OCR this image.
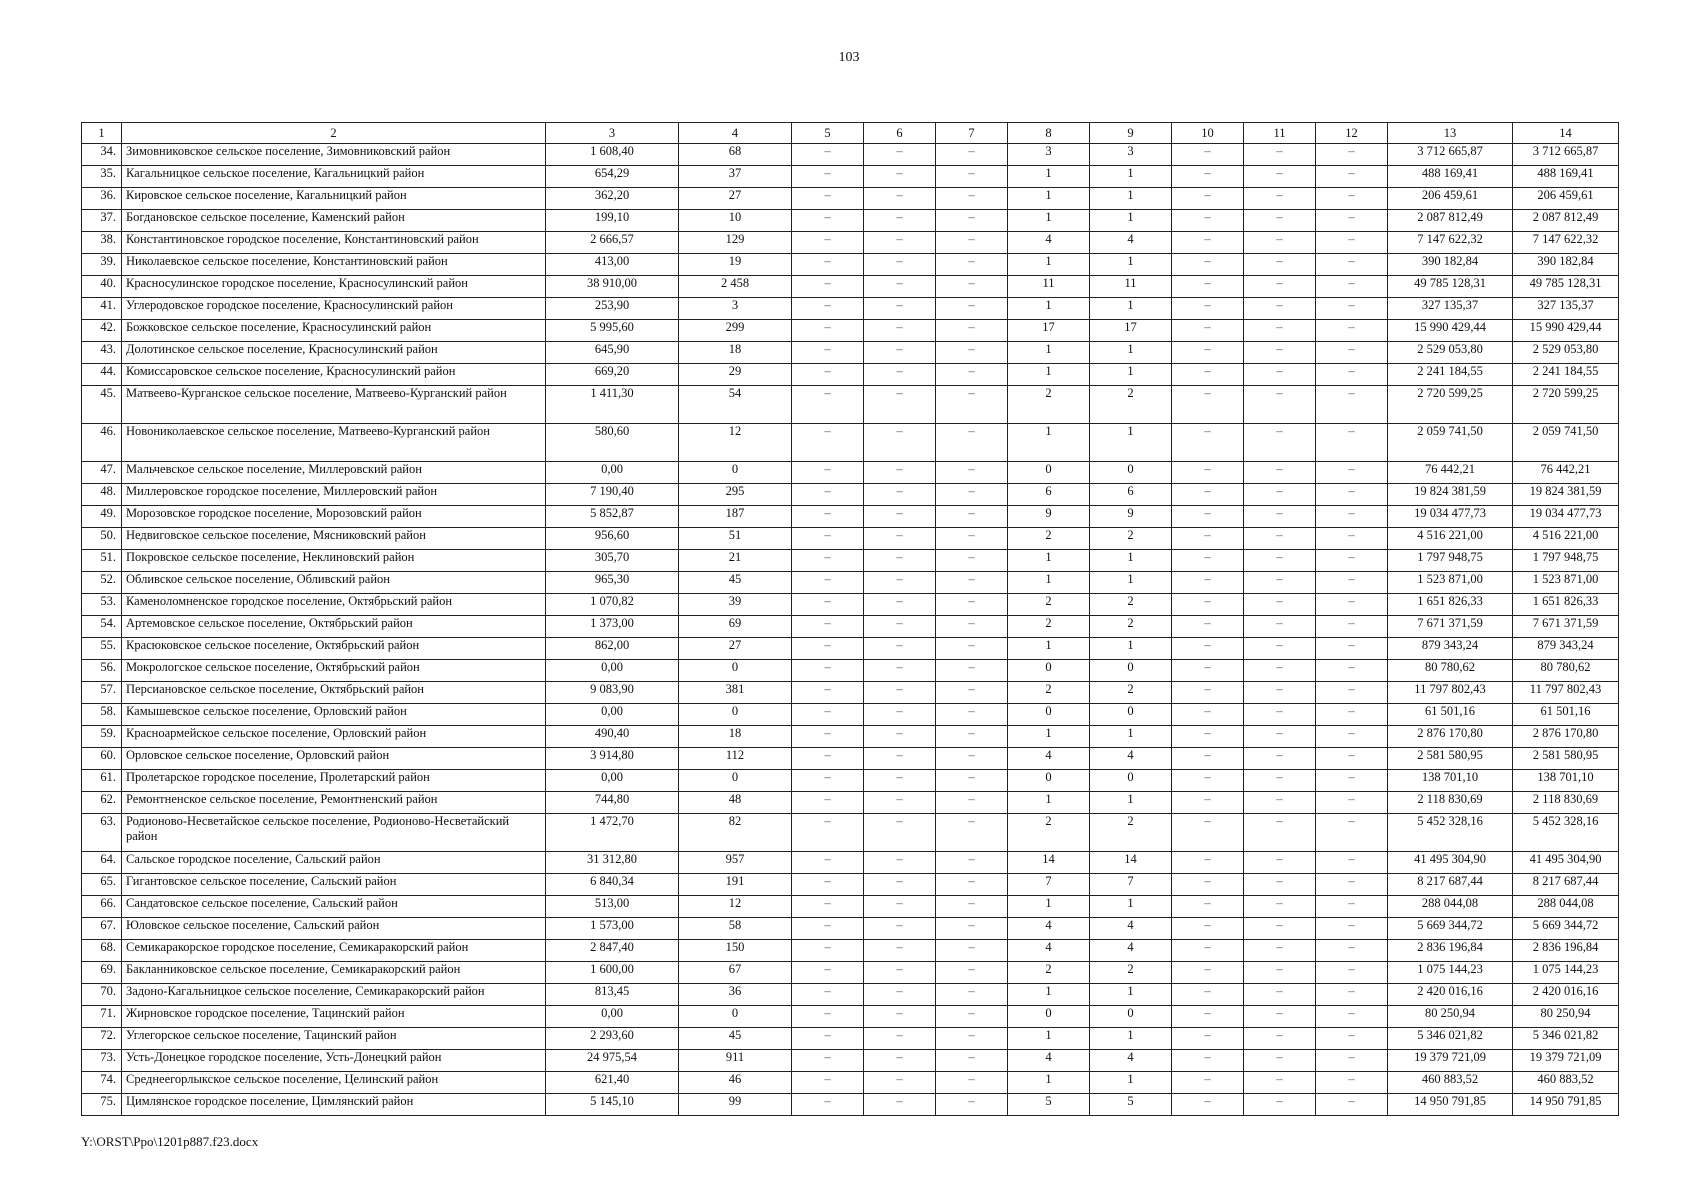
103
1	2	3	4	5	6	7	8	9	10	11	12	13	14
34.	Зимовниковское сельское поселение, Зимовниковский район	1 608,40	68	–	–	–	3	3	–	–	–	3 712 665,87	3 712 665,87
35.	Кагальницкое сельское поселение, Кагальницкий район	654,29	37	–	–	–	1	1	–	–	–	488 169,41	488 169,41
36.	Кировское сельское поселение, Кагальницкий район	362,20	27	–	–	–	1	1	–	–	–	206 459,61	206 459,61
37.	Богдановское сельское поселение, Каменский район	199,10	10	–	–	–	1	1	–	–	–	2 087 812,49	2 087 812,49
38.	Константиновское городское поселение, Константиновский район	2 666,57	129	–	–	–	4	4	–	–	–	7 147 622,32	7 147 622,32
39.	Николаевское сельское поселение, Константиновский район	413,00	19	–	–	–	1	1	–	–	–	390 182,84	390 182,84
40.	Красносулинское городское поселение, Красносулинский район	38 910,00	2 458	–	–	–	11	11	–	–	–	49 785 128,31	49 785 128,31
41.	Углеродовское городское поселение, Красносулинский район	253,90	3	–	–	–	1	1	–	–	–	327 135,37	327 135,37
42.	Божковское сельское поселение, Красносулинский район	5 995,60	299	–	–	–	17	17	–	–	–	15 990 429,44	15 990 429,44
43.	Долотинское сельское поселение, Красносулинский район	645,90	18	–	–	–	1	1	–	–	–	2 529 053,80	2 529 053,80
44.	Комиссаровское сельское поселение, Красносулинский район	669,20	29	–	–	–	1	1	–	–	–	2 241 184,55	2 241 184,55
45.	Матвеево-Курганское сельское поселение, Матвеево-Курганский район	1 411,30	54	–	–	–	2	2	–	–	–	2 720 599,25	2 720 599,25
46.	Новониколаевское сельское поселение, Матвеево-Курганский район	580,60	12	–	–	–	1	1	–	–	–	2 059 741,50	2 059 741,50
47.	Мальчевское сельское поселение, Миллеровский район	0,00	0	–	–	–	0	0	–	–	–	76 442,21	76 442,21
48.	Миллеровское городское поселение, Миллеровский район	7 190,40	295	–	–	–	6	6	–	–	–	19 824 381,59	19 824 381,59
49.	Морозовское городское поселение, Морозовский район	5 852,87	187	–	–	–	9	9	–	–	–	19 034 477,73	19 034 477,73
50.	Недвиговское сельское поселение, Мясниковский район	956,60	51	–	–	–	2	2	–	–	–	4 516 221,00	4 516 221,00
51.	Покровское сельское поселение, Неклиновский район	305,70	21	–	–	–	1	1	–	–	–	1 797 948,75	1 797 948,75
52.	Обливское сельское поселение, Обливский район	965,30	45	–	–	–	1	1	–	–	–	1 523 871,00	1 523 871,00
53.	Каменоломненское городское поселение, Октябрьский район	1 070,82	39	–	–	–	2	2	–	–	–	1 651 826,33	1 651 826,33
54.	Артемовское сельское поселение, Октябрьский район	1 373,00	69	–	–	–	2	2	–	–	–	7 671 371,59	7 671 371,59
55.	Красюковское сельское поселение, Октябрьский район	862,00	27	–	–	–	1	1	–	–	–	879 343,24	879 343,24
56.	Мокрологское сельское поселение, Октябрьский район	0,00	0	–	–	–	0	0	–	–	–	80 780,62	80 780,62
57.	Персиановское сельское поселение, Октябрьский район	9 083,90	381	–	–	–	2	2	–	–	–	11 797 802,43	11 797 802,43
58.	Камышевское сельское поселение, Орловский район	0,00	0	–	–	–	0	0	–	–	–	61 501,16	61 501,16
59.	Красноармейское сельское поселение, Орловский район	490,40	18	–	–	–	1	1	–	–	–	2 876 170,80	2 876 170,80
60.	Орловское сельское поселение, Орловский район	3 914,80	112	–	–	–	4	4	–	–	–	2 581 580,95	2 581 580,95
61.	Пролетарское городское поселение, Пролетарский район	0,00	0	–	–	–	0	0	–	–	–	138 701,10	138 701,10
62.	Ремонтненское сельское поселение, Ремонтненский район	744,80	48	–	–	–	1	1	–	–	–	2 118 830,69	2 118 830,69
63.	Родионово-Несветайское сельское поселение, Родионово-Несветайский район	1 472,70	82	–	–	–	2	2	–	–	–	5 452 328,16	5 452 328,16
64.	Сальское городское поселение, Сальский район	31 312,80	957	–	–	–	14	14	–	–	–	41 495 304,90	41 495 304,90
65.	Гигантовское сельское поселение, Сальский район	6 840,34	191	–	–	–	7	7	–	–	–	8 217 687,44	8 217 687,44
66.	Сандатовское сельское поселение, Сальский район	513,00	12	–	–	–	1	1	–	–	–	288 044,08	288 044,08
67.	Юловское сельское поселение, Сальский район	1 573,00	58	–	–	–	4	4	–	–	–	5 669 344,72	5 669 344,72
68.	Семикаракорское городское поселение, Семикаракорский район	2 847,40	150	–	–	–	4	4	–	–	–	2 836 196,84	2 836 196,84
69.	Бакланниковское сельское поселение, Семикаракорский район	1 600,00	67	–	–	–	2	2	–	–	–	1 075 144,23	1 075 144,23
70.	Задоно-Кагальницкое сельское поселение, Семикаракорский район	813,45	36	–	–	–	1	1	–	–	–	2 420 016,16	2 420 016,16
71.	Жирновское городское поселение, Тацинский район	0,00	0	–	–	–	0	0	–	–	–	80 250,94	80 250,94
72.	Углегорское сельское поселение, Тацинский район	2 293,60	45	–	–	–	1	1	–	–	–	5 346 021,82	5 346 021,82
73.	Усть-Донецкое городское поселение, Усть-Донецкий район	24 975,54	911	–	–	–	4	4	–	–	–	19 379 721,09	19 379 721,09
74.	Среднеегорлыкское сельское поселение, Целинский район	621,40	46	–	–	–	1	1	–	–	–	460 883,52	460 883,52
75.	Цимлянское городское поселение, Цимлянский район	5 145,10	99	–	–	–	5	5	–	–	–	14 950 791,85	14 950 791,85
Y:\ORST\Ppo\1201p887.f23.docx
